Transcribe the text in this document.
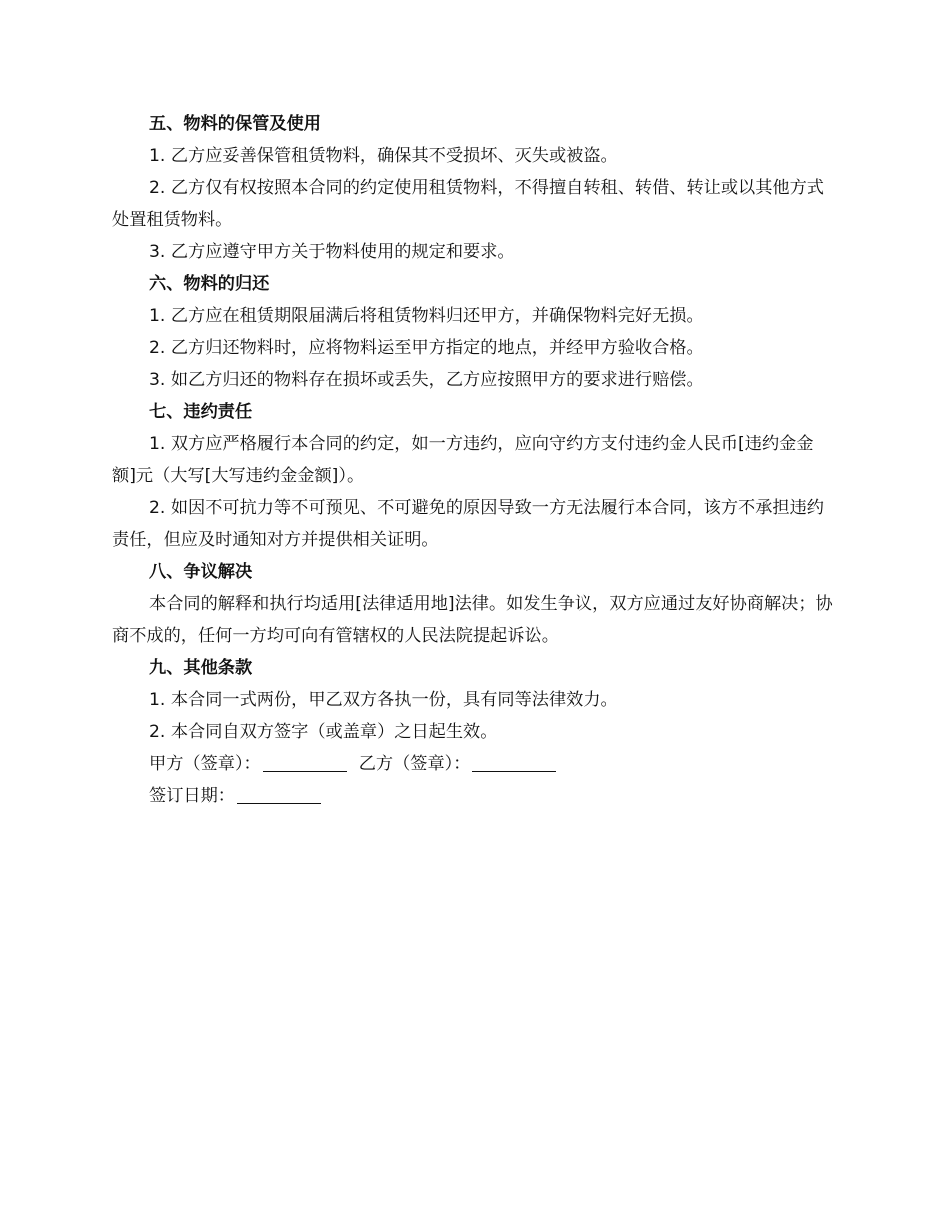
五、物料的保管及使用

1. 乙方应妥善保管租赁物料，确保其不受损坏、灭失或被盗。

2. 乙方仅有权按照本合同的约定使用租赁物料，不得擅自转租、转借、转让或以其他方式处置租赁物料。

3. 乙方应遵守甲方关于物料使用的规定和要求。

六、物料的归还

1. 乙方应在租赁期限届满后将租赁物料归还甲方，并确保物料完好无损。

2. 乙方归还物料时，应将物料运至甲方指定的地点，并经甲方验收合格。

3. 如乙方归还的物料存在损坏或丢失，乙方应按照甲方的要求进行赔偿。

七、违约责任

1. 双方应严格履行本合同的约定，如一方违约，应向守约方支付违约金人民币[违约金金额]元（大写[大写违约金金额]）。

2. 如因不可抗力等不可预见、不可避免的原因导致一方无法履行本合同，该方不承担违约责任，但应及时通知对方并提供相关证明。

八、争议解决

本合同的解释和执行均适用[法律适用地]法律。如发生争议，双方应通过友好协商解决；协商不成的，任何一方均可向有管辖权的人民法院提起诉讼。

九、其他条款

1. 本合同一式两份，甲乙双方各执一份，具有同等法律效力。

2. 本合同自双方签字（或盖章）之日起生效。

甲方（签章）：	乙方（签章）：

签订日期：
